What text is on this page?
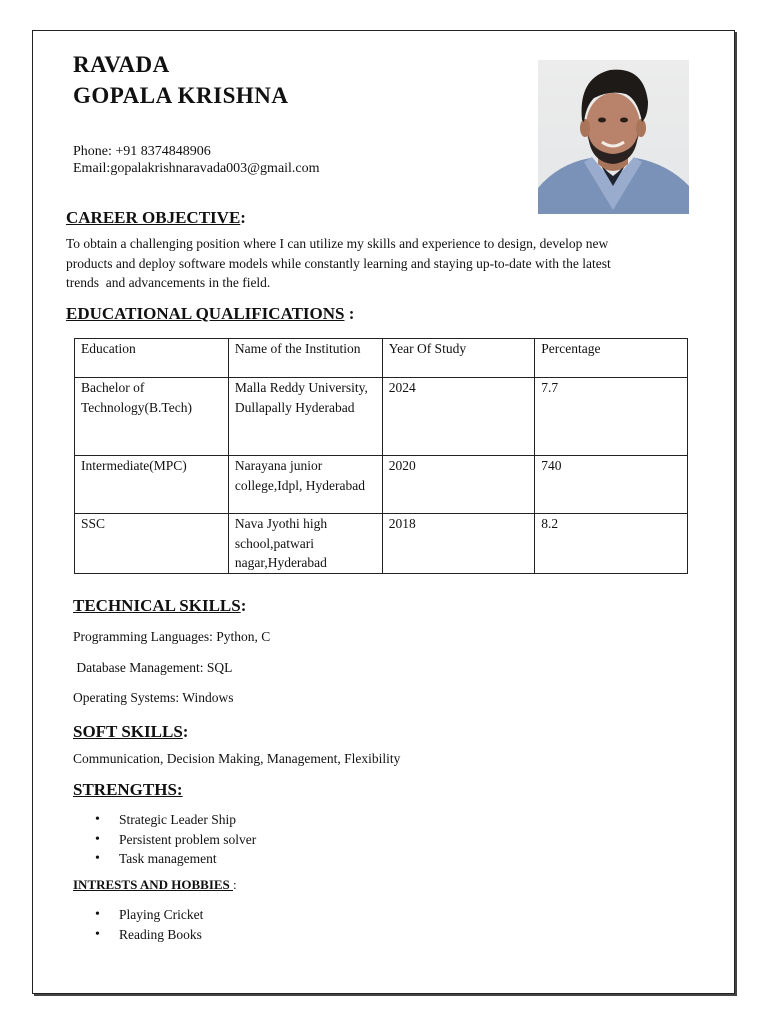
RAVADA
GOPALA KRISHNA
Phone: +91 8374848906
Email:gopalakrishnaravada003@gmail.com
CAREER OBJECTIVE:
To obtain a challenging position where I can utilize my skills and experience to design, develop new
products and deploy software models while constantly learning and staying up-to-date with the latest
trends  and advancements in the field.
EDUCATIONAL QUALIFICATIONS :
Education	Name of the Institution	Year Of Study	Percentage
Bachelor of Technology(B.Tech)	Malla Reddy University, Dullapally Hyderabad	2024	7.7
Intermediate(MPC)	Narayana junior college,Idpl, Hyderabad	2020	740
SSC	Nava Jyothi high school,patwari nagar,Hyderabad	2018	8.2
TECHNICAL SKILLS:
Programming Languages: Python, C
Database Management: SQL
Operating Systems: Windows
SOFT SKILLS:
Communication, Decision Making, Management, Flexibility
STRENGTHS:
• Strategic Leader Ship
• Persistent problem solver
• Task management
INTRESTS AND HOBBIES :
• Playing Cricket
• Reading Books
